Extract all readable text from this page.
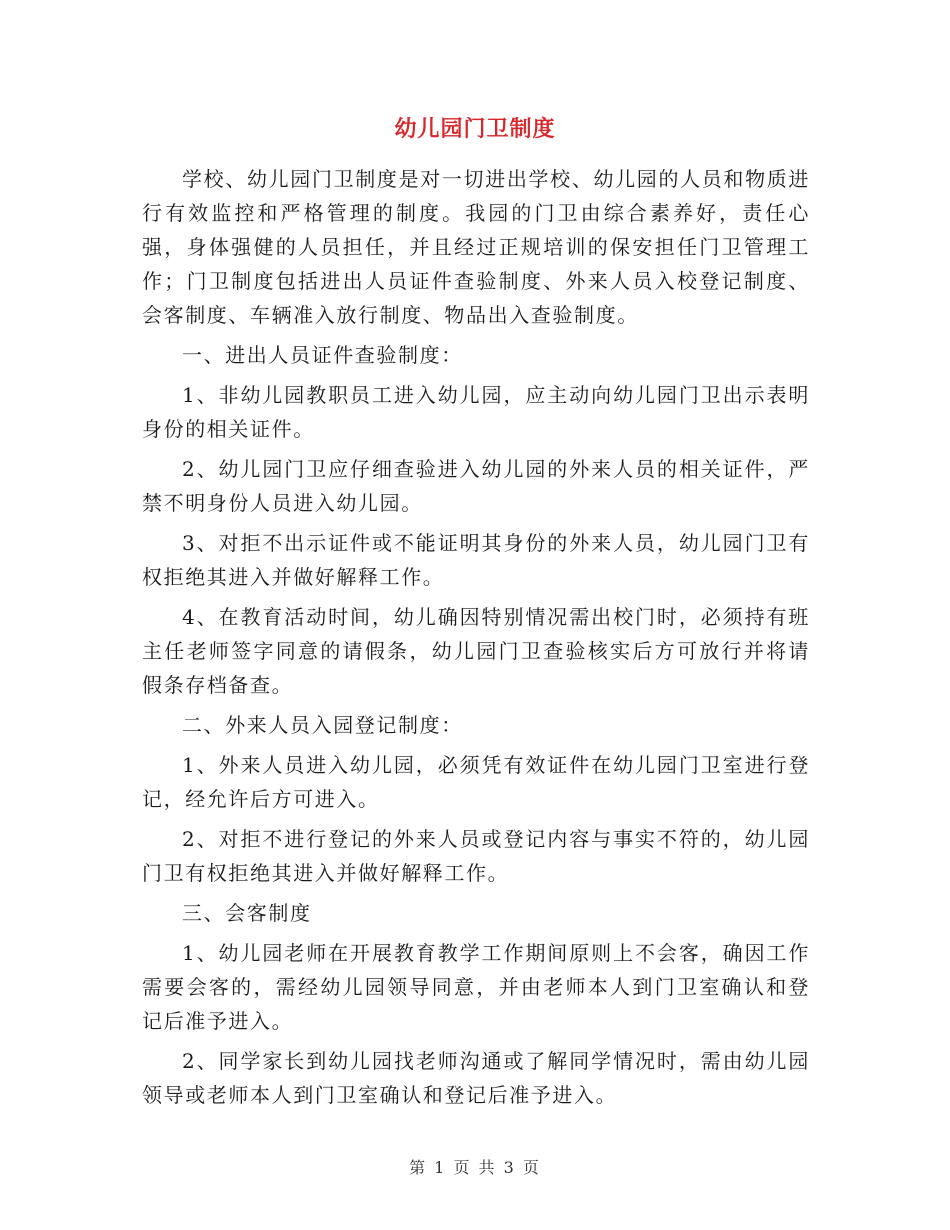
幼儿园门卫制度

学校、幼儿园门卫制度是对一切进出学校、幼儿园的人员和物质进行有效监控和严格管理的制度。我园的门卫由综合素养好，责任心强，身体强健的人员担任，并且经过正规培训的保安担任门卫管理工作；门卫制度包括进出人员证件查验制度、外来人员入校登记制度、会客制度、车辆准入放行制度、物品出入查验制度。

一、进出人员证件查验制度：

1、非幼儿园教职员工进入幼儿园，应主动向幼儿园门卫出示表明身份的相关证件。

2、幼儿园门卫应仔细查验进入幼儿园的外来人员的相关证件，严禁不明身份人员进入幼儿园。

3、对拒不出示证件或不能证明其身份的外来人员，幼儿园门卫有权拒绝其进入并做好解释工作。

4、在教育活动时间，幼儿确因特别情况需出校门时，必须持有班主任老师签字同意的请假条，幼儿园门卫查验核实后方可放行并将请假条存档备查。

二、外来人员入园登记制度：

1、外来人员进入幼儿园，必须凭有效证件在幼儿园门卫室进行登记，经允许后方可进入。

2、对拒不进行登记的外来人员或登记内容与事实不符的，幼儿园门卫有权拒绝其进入并做好解释工作。

三、会客制度

1、幼儿园老师在开展教育教学工作期间原则上不会客，确因工作需要会客的，需经幼儿园领导同意，并由老师本人到门卫室确认和登记后准予进入。

2、同学家长到幼儿园找老师沟通或了解同学情况时，需由幼儿园领导或老师本人到门卫室确认和登记后准予进入。

第 1 页 共 3 页
